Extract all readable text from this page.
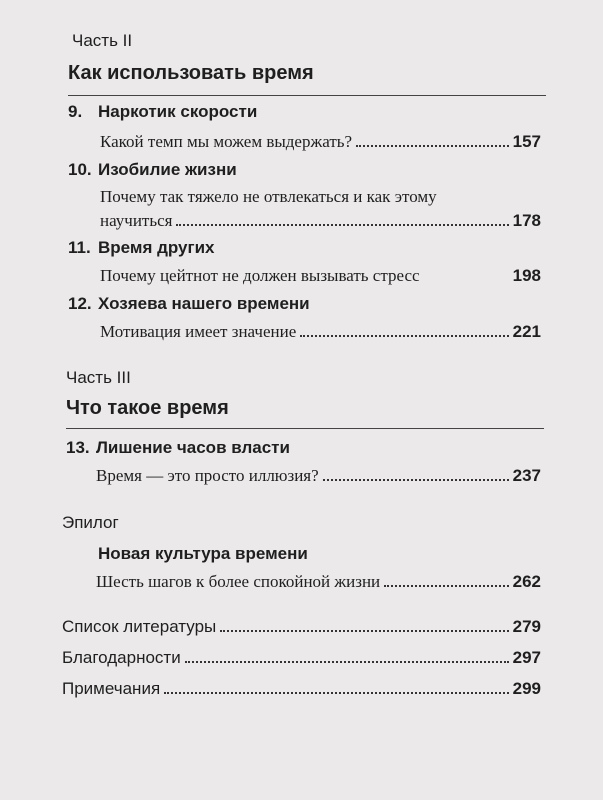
Часть II
Как использовать время
9. Наркотик скорости
Какой темп мы можем выдержать?	157
10. Изобилие жизни
Почему так тяжело не отвлекаться и как этому
научиться	178
11. Время других
Почему цейтнот не должен вызывать стресс	198
12. Хозяева нашего времени
Мотивация имеет значение	221
Часть III
Что такое время
13. Лишение часов власти
Время — это просто иллюзия?	237
Эпилог
Новая культура времени
Шесть шагов к более спокойной жизни	262
Список литературы	279
Благодарности	297
Примечания	299
